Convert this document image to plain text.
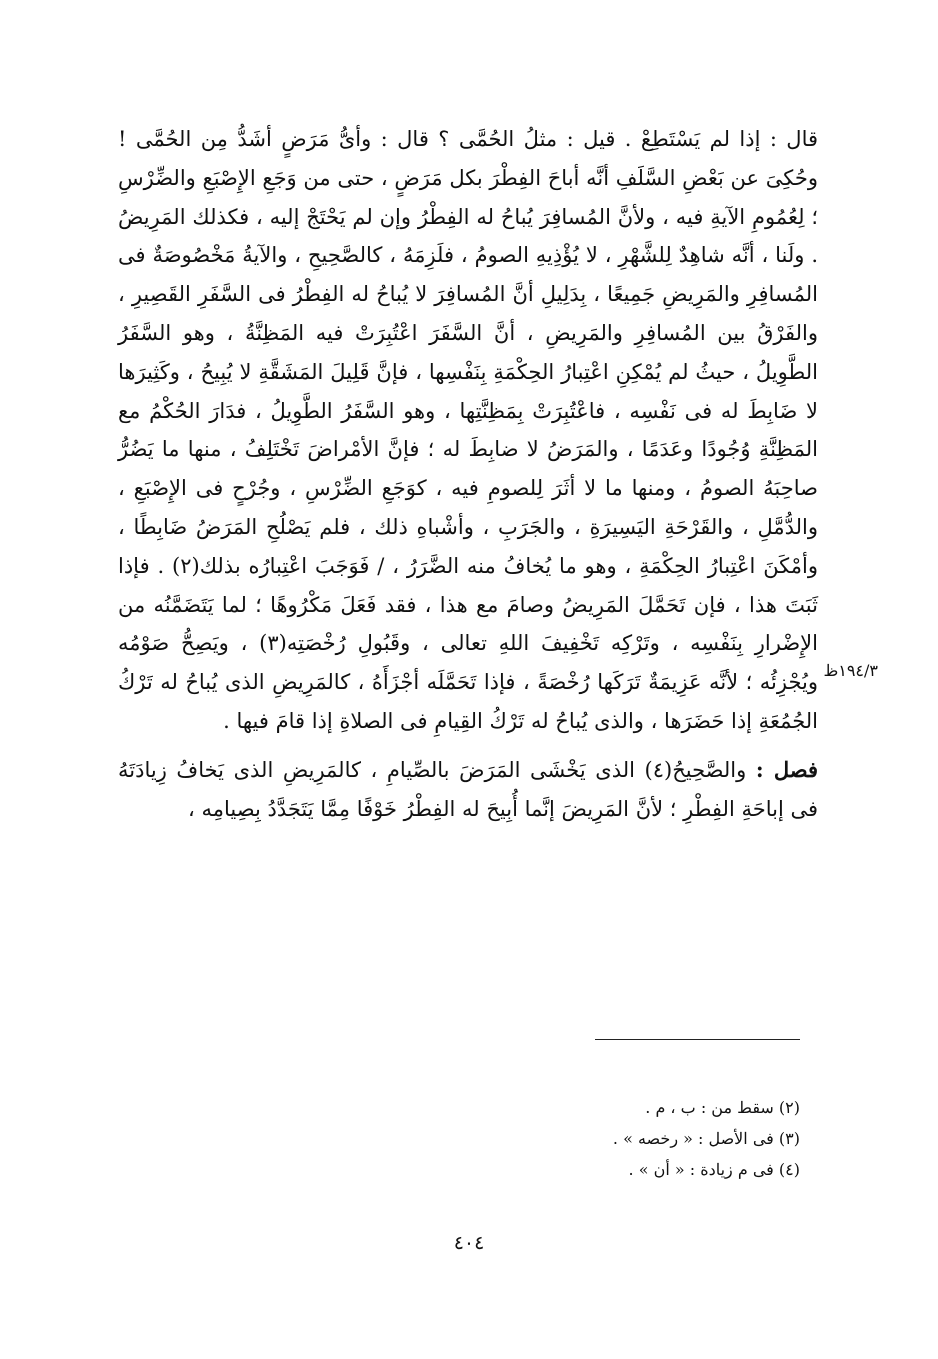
قال : إذا لم يَسْتَطِعْ . قيل : مثلُ الحُمَّى ؟ قال : وأىُّ مَرَضٍ أشَدُّ مِن الحُمَّى ! وحُكِىَ عن بَعْضِ السَّلَفِ أنَّه أباحَ الفِطْرَ بكل مَرَضٍ ، حتى من وَجَعِ الإِصْبَعِ والضِّرْسِ ؛ لِعُمُومِ الآيةِ فيه ، ولأنَّ المُسافِرَ يُباحُ له الفِطْرُ وإن لم يَحْتَجْ إليه ، فكذلك المَرِيضُ . ولَنا ، أنَّه شاهِدٌ لِلشَّهْرِ ، لا يُؤْذِيهِ الصومُ ، فلَزِمَهُ ، كالصَّحِيحِ ، والآيةُ مَخْصُوصَةٌ فى المُسافِرِ والمَرِيضِ جَمِيعًا ، بِدَلِيلِ أنَّ المُسافِرَ لا يُباحُ له الفِطْرُ فى السَّفَرِ القَصِيرِ ، والفَرْقُ بين المُسافِرِ والمَرِيضِ ، أنَّ السَّفَرَ اعْتُبِرَتْ فيه المَظِنَّةُ ، وهو السَّفَرُ الطَّوِيلُ ، حيثُ لم يُمْكِنِ اعْتِبارُ الحِكْمَةِ بِنَفْسِها ، فإنَّ قَلِيلَ المَشَقَّةِ لا يُبِيحُ ، وكَثِيرَها لا ضَابِطَ له فى نَفْسِه ، فاعْتُبِرَتْ بِمَظِنَّتِها ، وهو السَّفَرُ الطَّوِيلُ ، فدَارَ الحُكْمُ مع المَظِنَّةِ وُجُودًا وعَدَمًا ، والمَرَضُ لا ضابِطَ له ؛ فإنَّ الأمْراضَ تَخْتَلِفُ ، منها ما يَضُرُّ صاحِبَهُ الصومُ ، ومنها ما لا أثَرَ لِلصومِ فيه ، كوَجَعِ الضِّرْسِ ، وجُرْحٍ فى الإِصْبَعِ ، والدُّمَّلِ ، والقَرْحَةِ اليَسِيرَةِ ، والجَرَبِ ، وأشْباهِ ذلك ، فلم يَصْلُحِ المَرَضُ ضَابِطًا ، وأمْكَنَ اعْتِبارُ الحِكْمَةِ ، وهو ما يُخافُ منه الضَّرَرُ ، / فَوَجَبَ اعْتِبارُه بذلك(٢) . فإذا ثَبَتَ هذا ، فإن تَحَمَّلَ المَرِيضُ وصامَ مع هذا ، فقد فَعَلَ مَكْرُوهًا ؛ لما يَتَضَمَّنُه من الإِضْرارِ بِنَفْسِه ، وتَرْكِه تَخْفِيفَ اللهِ تعالى ، وقَبُولِ رُخْصَتِه(٣) ، ويَصِحُّ صَوْمُه ويُجْزِئُه ؛ لأنَّه عَزِيمَةٌ تَرَكَها رُخْصَةً ، فإذا تَحَمَّلَه أجْزَأَهُ ، كالمَرِيضِ الذى يُباحُ له تَرْكُ الجُمُعَةِ إذا حَضَرَها ، والذى يُباحُ له تَرْكُ القِيامِ فى الصلاةِ إذا قامَ فيها .

فصل : والصَّحِيحُ(٤) الذى يَخْشَى المَرَضَ بالصِّيامِ ، كالمَرِيضِ الذى يَخافُ زِيادَتَهُ فى إباحَةِ الفِطْرِ ؛ لأنَّ المَرِيضَ إنَّما أُبِيحَ له الفِطْرُ خَوْفًا مِمَّا يَتَجَدَّدُ بِصِيامِه ،

١٩٤/٣ظ

(٢) سقط من : ب ، م .

(٣) فى الأصل : « رخصه » .

(٤) فى م زيادة : « أن » .

٤٠٤
